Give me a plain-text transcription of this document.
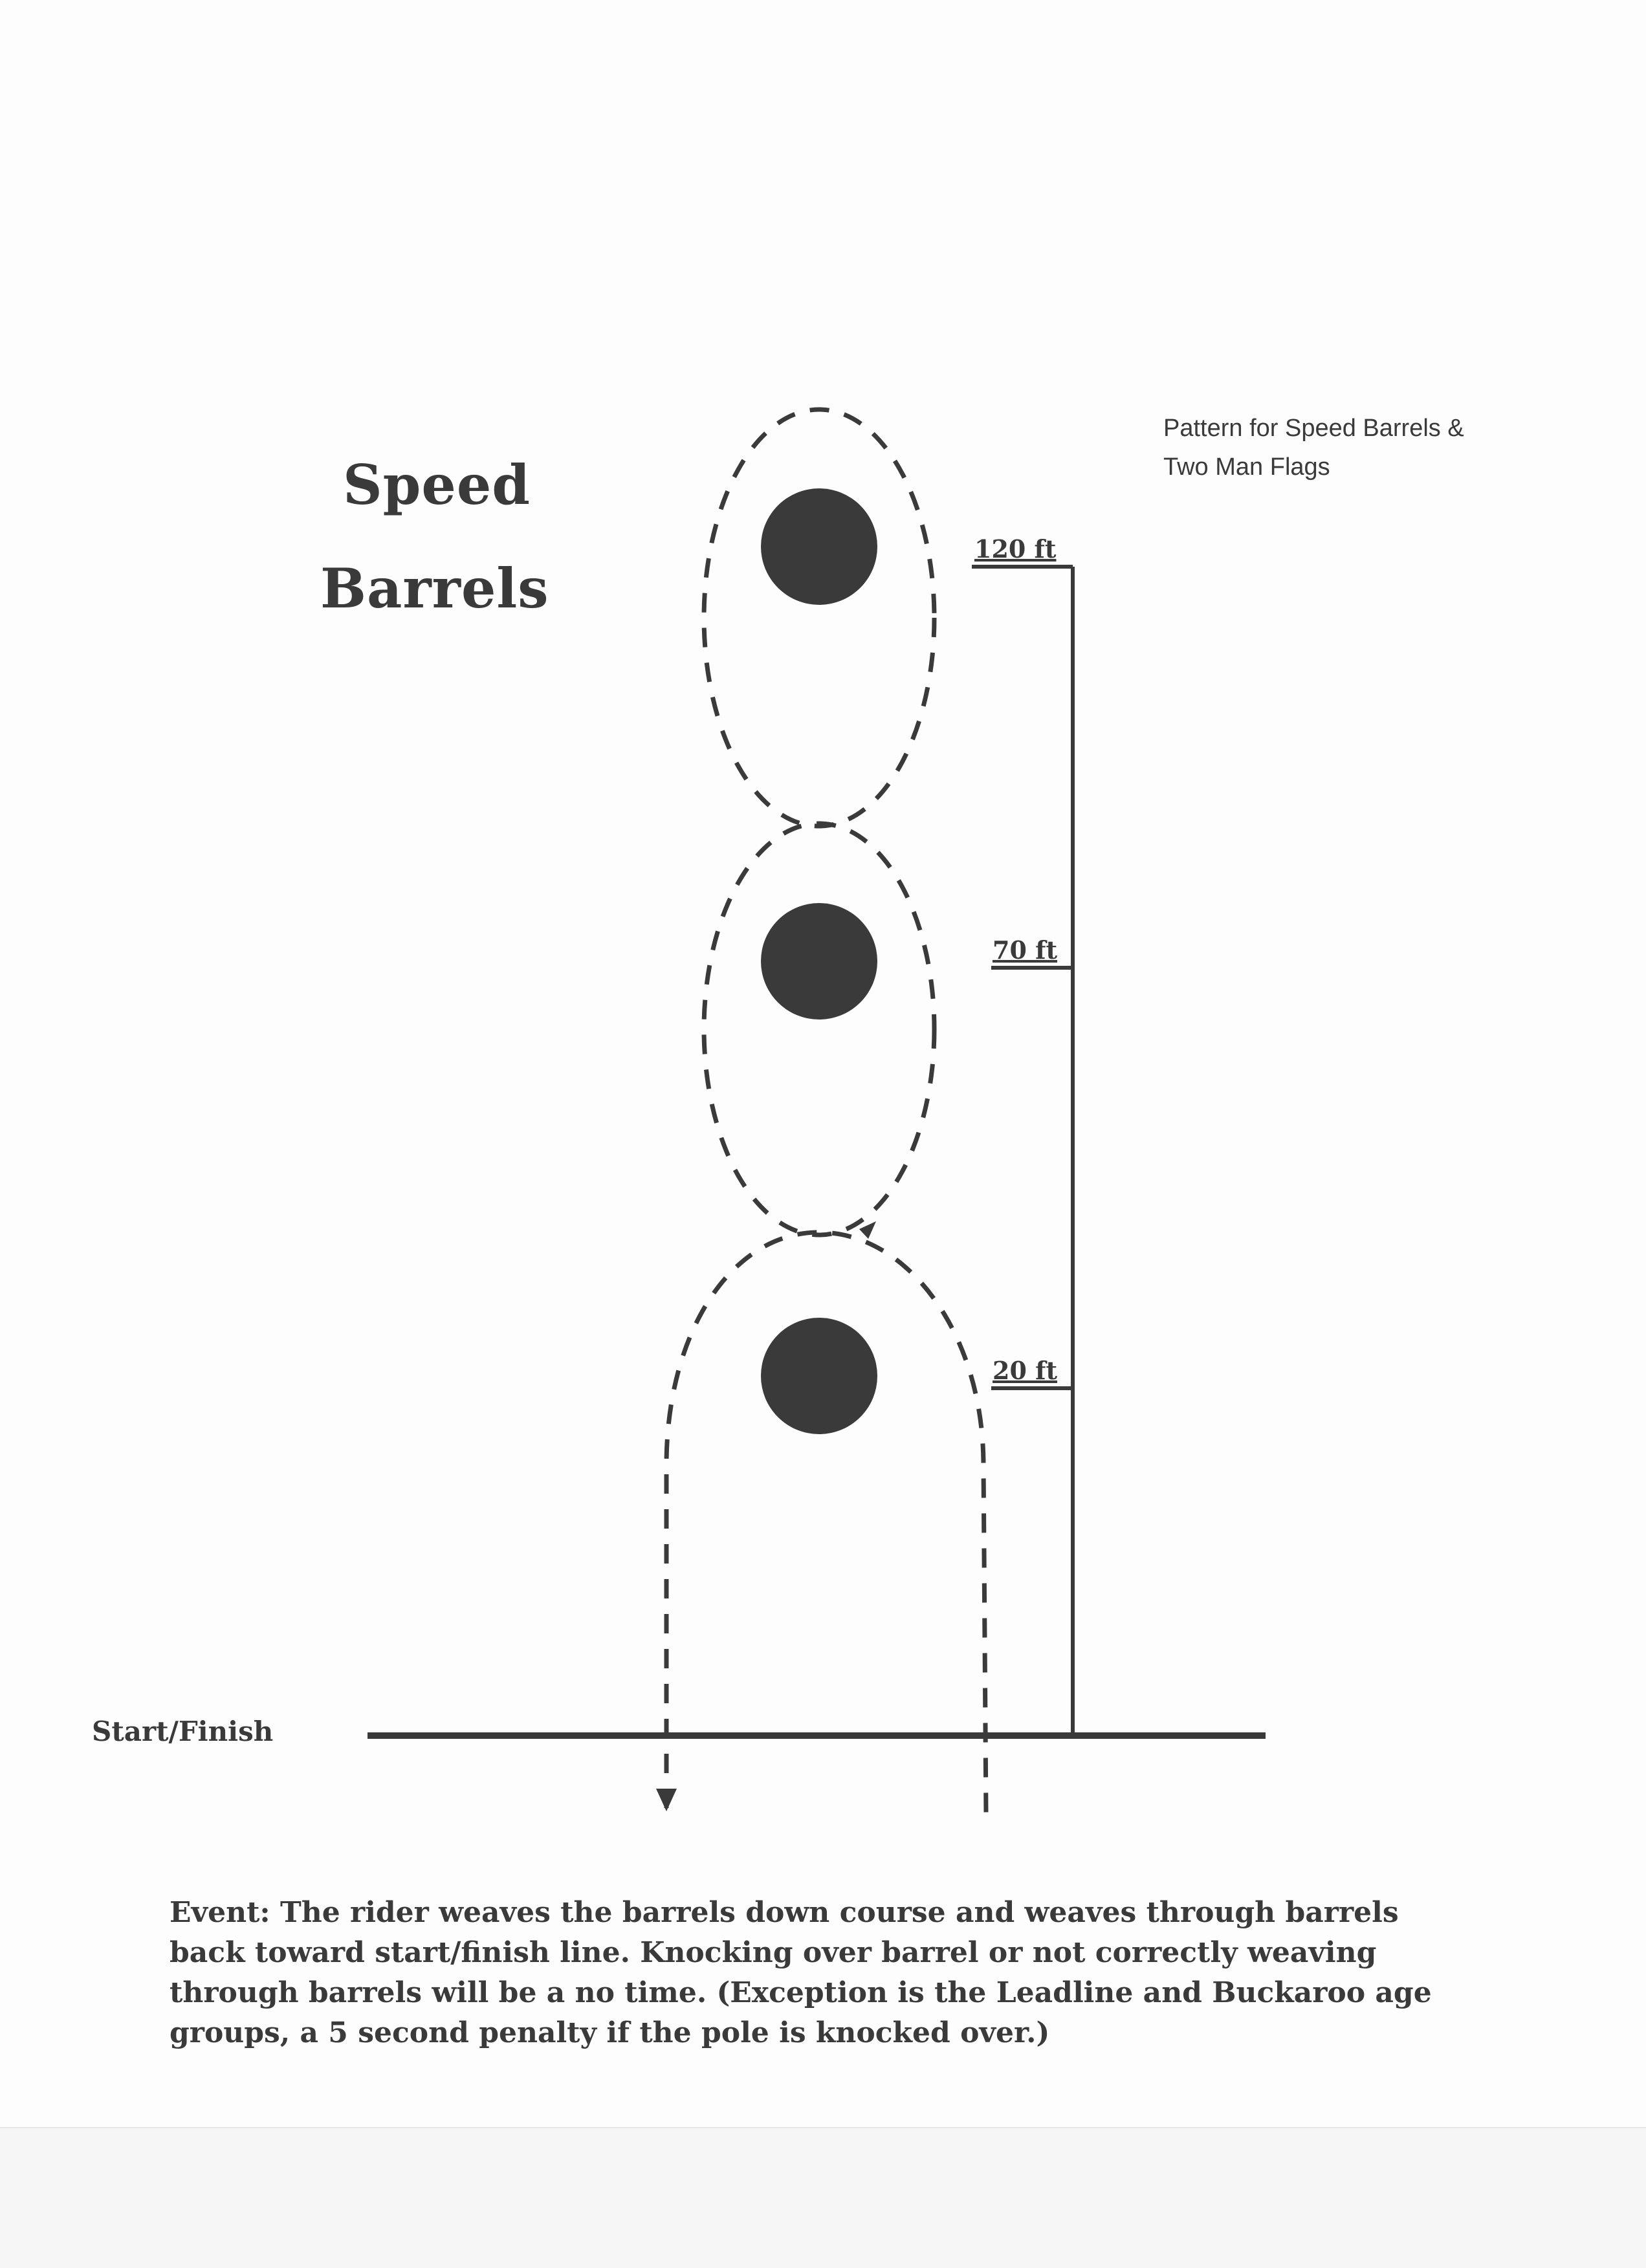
Speed
Barrels
Pattern for Speed Barrels &
Two Man Flags
120 ft
70 ft
20 ft
Start/Finish
Event: The rider weaves the barrels down course and weaves through barrels
back toward start/finish line. Knocking over barrel or not correctly weaving
through barrels will be a no time. (Exception is the Leadline and Buckaroo age
groups, a 5 second penalty if the pole is knocked over.)
